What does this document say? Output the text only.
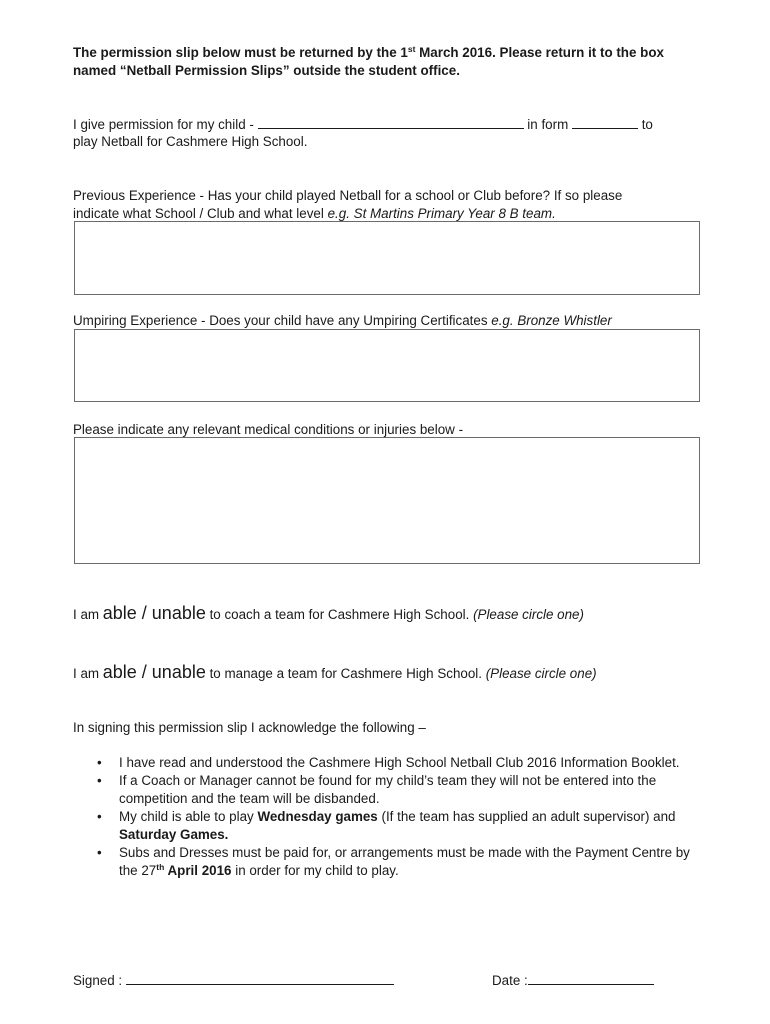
The permission slip below must be returned by the 1st March 2016. Please return it to the box
named “Netball Permission Slips” outside the student office.
I give permission for my child -	in form	to
play Netball for Cashmere High School.
Previous Experience - Has your child played Netball for a school or Club before? If so please
indicate what School / Club and what level e.g. St Martins Primary Year 8 B team.
Umpiring Experience - Does your child have any Umpiring Certificates e.g. Bronze Whistler
Please indicate any relevant medical conditions or injuries below -
I am able / unable to coach a team for Cashmere High School. (Please circle one)
I am able / unable to manage a team for Cashmere High School. (Please circle one)
In signing this permission slip I acknowledge the following –
• I have read and understood the Cashmere High School Netball Club 2016 Information Booklet.
• If a Coach or Manager cannot be found for my child’s team they will not be entered into the competition and the team will be disbanded.
• My child is able to play Wednesday games (If the team has supplied an adult supervisor) and Saturday Games.
• Subs and Dresses must be paid for, or arrangements must be made with the Payment Centre by the 27th April 2016 in order for my child to play.
Signed :	Date :
